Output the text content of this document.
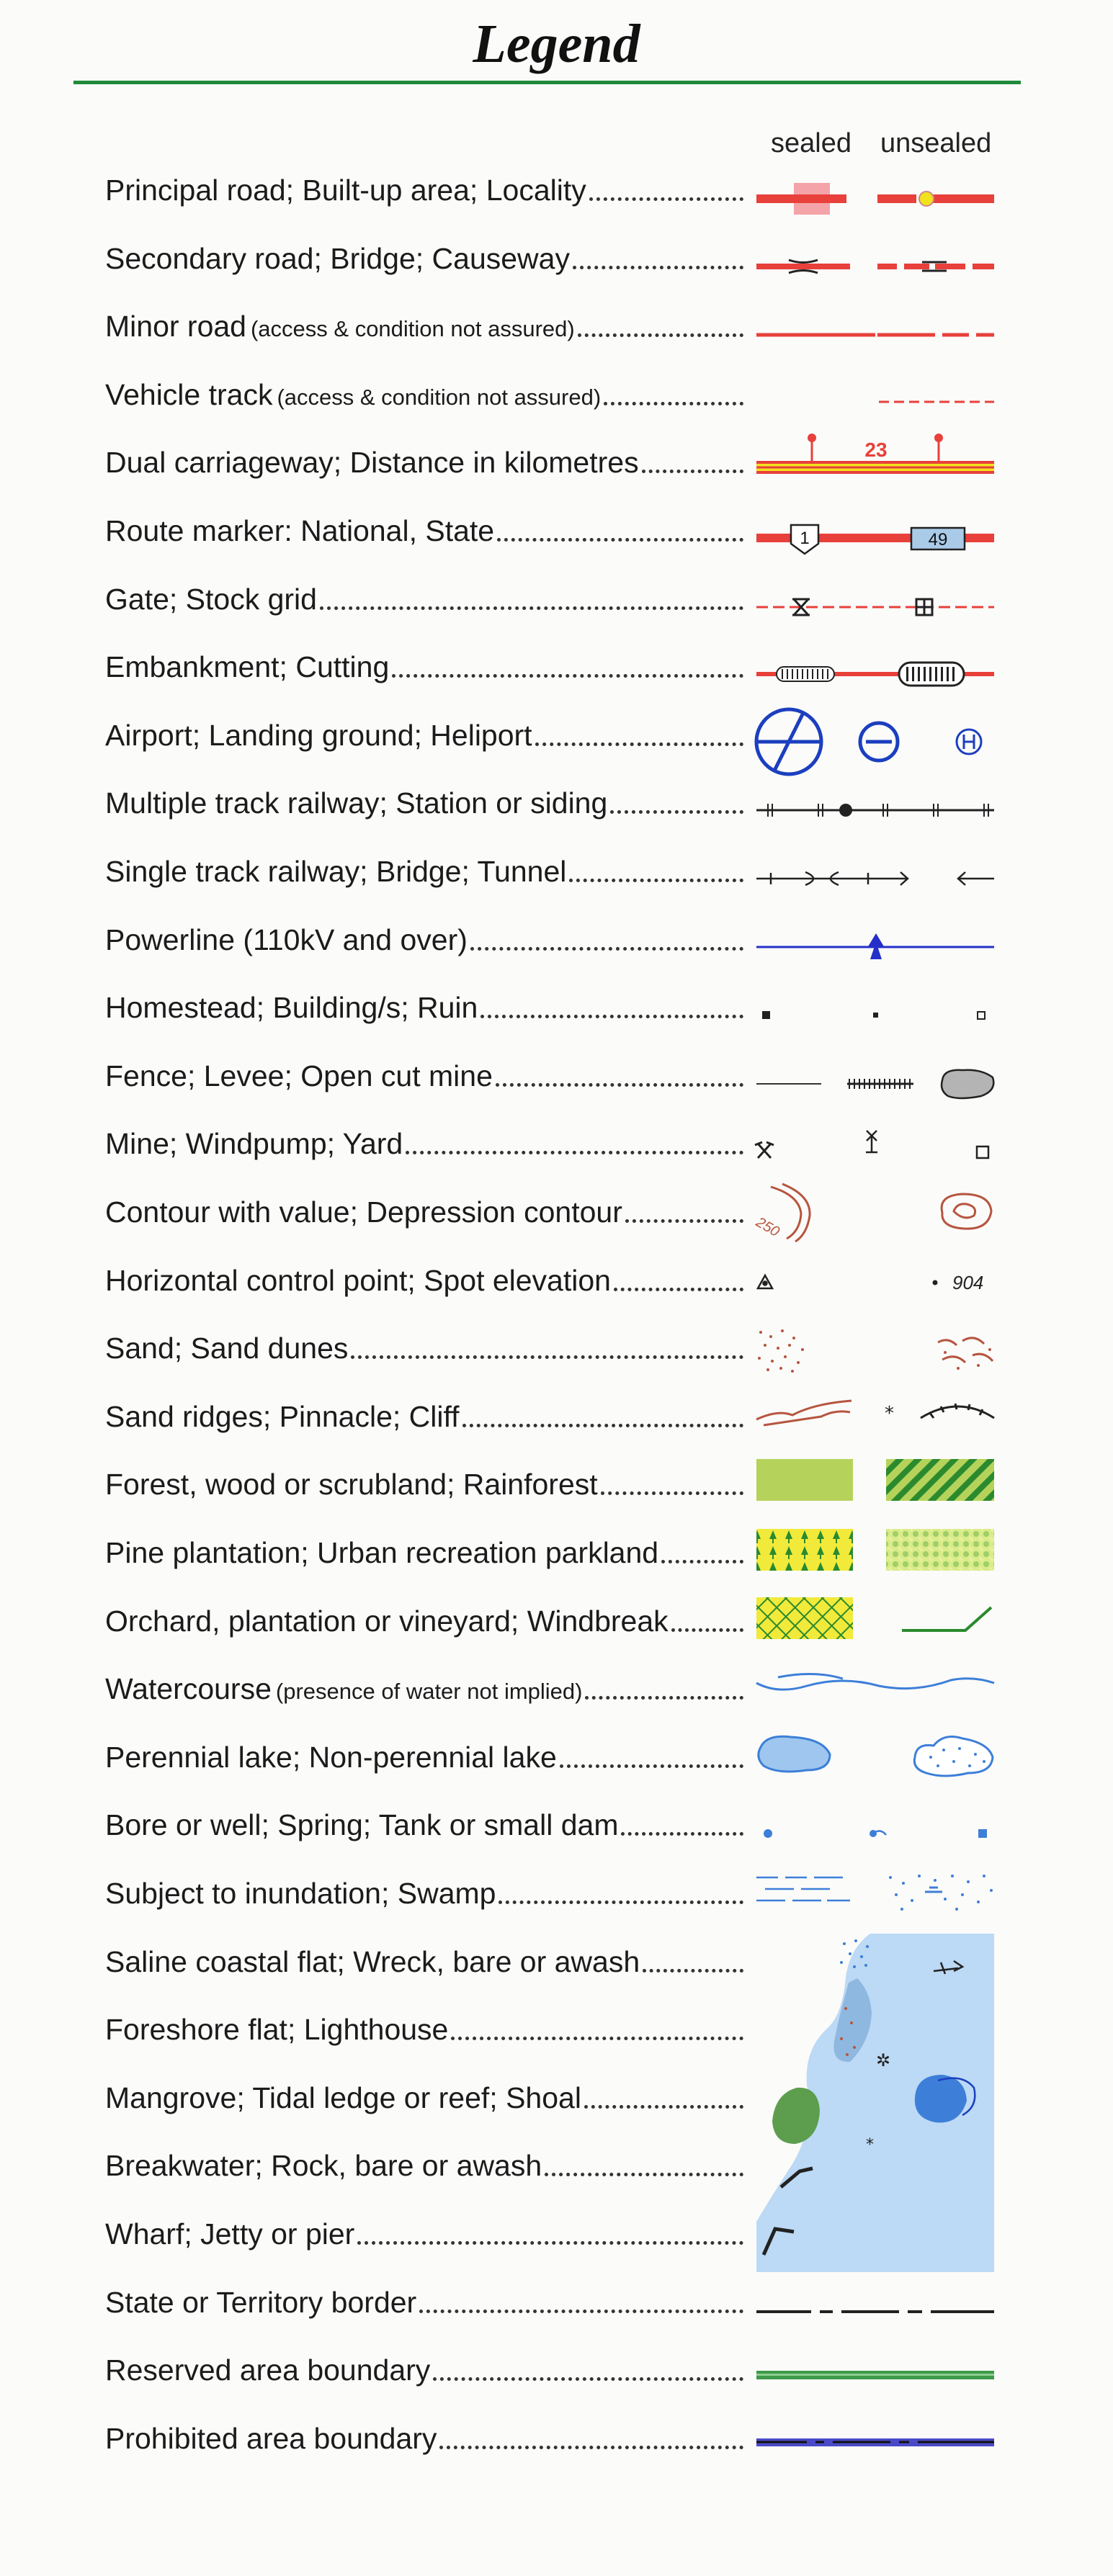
Legend
sealed unsealed
Principal road; Built-up area; Locality
Secondary road; Bridge; Causeway
Minor road (access & condition not assured)
Vehicle track (access & condition not assured)
Dual carriageway; Distance in kilometres
Route marker: National, State
Gate; Stock grid
Embankment; Cutting
Airport; Landing ground; Heliport
Multiple track railway; Station or siding
Single track railway; Bridge; Tunnel
Powerline (110kV and over)
Homestead; Building/s; Ruin
Fence; Levee; Open cut mine
Mine; Windpump; Yard
Contour with value; Depression contour
Horizontal control point; Spot elevation
Sand; Sand dunes
Sand ridges; Pinnacle; Cliff
Forest, wood or scrubland; Rainforest
Pine plantation; Urban recreation parkland
Orchard, plantation or vineyard; Windbreak
Watercourse (presence of water not implied)
Perennial lake; Non-perennial lake
Bore or well; Spring; Tank or small dam
Subject to inundation; Swamp
Saline coastal flat; Wreck, bare or awash
Foreshore flat; Lighthouse
Mangrove; Tidal ledge or reef; Shoal
Breakwater; Rock, bare or awash
Wharf; Jetty or pier
State or Territory border
Reserved area boundary
Prohibited area boundary
23
1	49
250
904
*
✲
*
